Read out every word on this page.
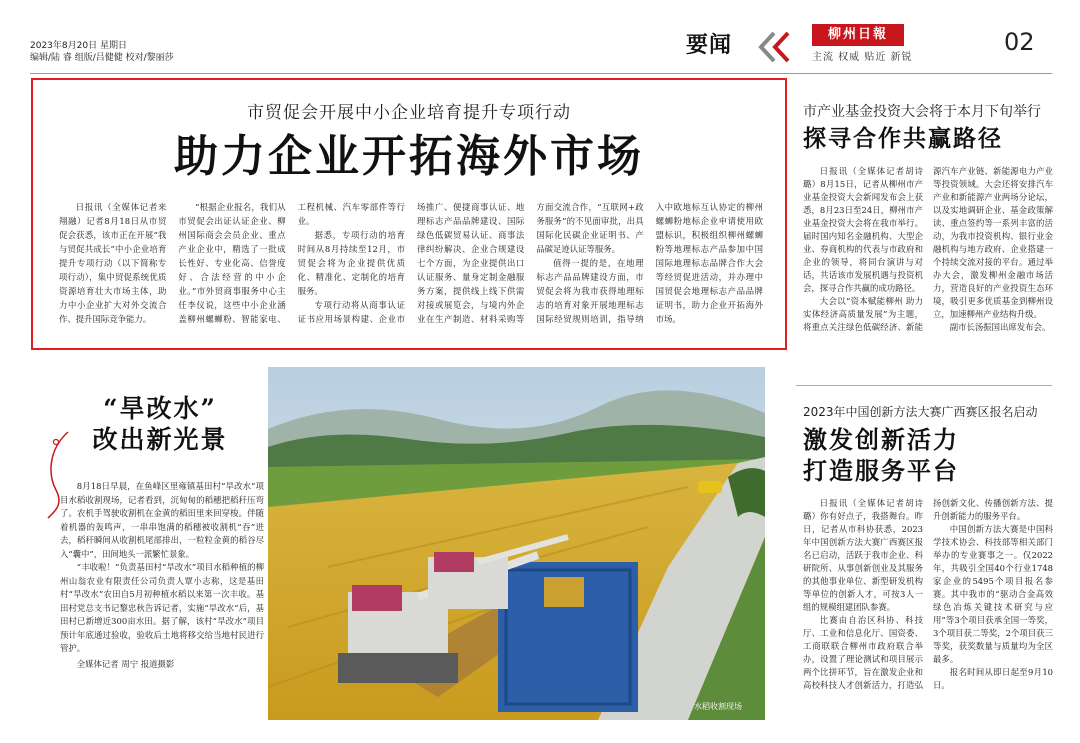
2023年8月20日 星期日
编辑/陆 睿 组版/吕健健 校对/黎丽莎	要闻	柳州日報
主流 权威 贴近 新锐
02
市贸促会开展中小企业培育提升专项行动
助力企业开拓海外市场

日报讯（全媒体记者来翔融）记者8月18日从市贸促会获悉，该市正在开展“我与贸促共成长”中小企业培育提升专项行动（以下简称专项行动），集中贸促系统优质资源培育壮大市场主体，助力中小企业扩大对外交流合作、提升国际竞争能力。

“根据企业报名，我们从市贸促会出证认证企业、柳州国际商会会员企业、重点产业企业中，精选了一批成长性好、专业化高、信誉度好、合法经营的中小企业。”市外贸商事服务中心主任李仪说，这些中小企业涵盖柳州螺蛳粉、智能家电、工程机械、汽车零部件等行业。

据悉，专项行动的培育时间从8月持续至12月，市贸促会将为企业提供优质化、精准化、定制化的培育服务。

专项行动将从商事认证证书应用场景构建、企业市场推广、便捷商事认证、地理标志产品品牌建设、国际绿色低碳贸易认证、商事法律纠纷解决、企业合规建设七个方面，为企业提供出口认证服务、量身定制金融服务方案，提供线上线下供需对接或展览会，与境内外企业在生产制造、材料采购等方面交流合作，“互联网+政务服务”的不见面审批，出具国际化民碳企业证明书、产品碳足迹认证等服务。

值得一提的是，在地理标志产品品牌建设方面，市贸促会将为我市获得地理标志的培育对象开展地理标志国际经贸规则培训，指导纳入中欧地标互认协定的柳州螺蛳粉地标企业申请使用欧盟标识，积极组织柳州螺蛳粉等地理标志产品参加中国国际地理标志品牌合作大会等经贸促进活动，并办理中国贸促会地理标志产品品牌证明书，助力企业开拓海外市场。

市产业基金投资大会将于本月下旬举行
探寻合作共赢路径

日报讯（全媒体记者胡诗璐）8月15日，记者从柳州市产业基金投资大会新闻发布会上获悉，8月23日至24日，柳州市产业基金投资大会将在我市举行。届时国内知名金融机构、大型企业、券商机构的代表与市政府和企业的领导，将同台演讲与对话，共话该市发展机遇与投资机会，探寻合作共赢的成功路径。

大会以“资本赋能柳州 助力实体经济高质量发展”为主题，将重点关注绿色低碳经济、新能源汽车产业链、新能源电力产业等投资领域。大会还将安排汽车产业和新能源产业两场分论坛，以及实地调研企业、基金政策解读、重点签约等一系列丰富的活动，为我市投资机构、银行业金融机构与地方政府、企业搭建一个持续交流对接的平台。通过举办大会，激发柳州金融市场活力，营造良好的产业投资生态环境，吸引更多优质基金到柳州设立，加速柳州产业结构升级。

副市长汤振国出席发布会。

2023年中国创新方法大赛广西赛区报名启动
激发创新活力
打造服务平台

日报讯（全媒体记者胡诗璐）你有好点子，我搭舞台。昨日，记者从市科协获悉，2023年中国创新方法大赛广西赛区报名已启动，活跃于我市企业、科研院所、从事创新创业及其服务的其他事业单位、新型研发机构等单位的创新人才，可按3人一组的规模组建团队参赛。

比赛由自治区科协、科技厅、工业和信息化厅、国资委、工商联联合柳州市政府联合举办，设置了理论测试和项目展示两个比拼环节，旨在激发企业和高校科技人才创新活力，打造弘扬创新文化、传播创新方法、提升创新能力的服务平台。

中国创新方法大赛是中国科学技术协会、科技部等相关部门举办的专业赛事之一。仅2022年，共吸引全国40个行业1748家企业的5495个项目报名参赛。其中我市的“驱动合金高效绿色冶炼关键技术研究与应用”等3个项目获承全国一等奖，3个项目获二等奖，2个项目获三等奖，获奖数量与质量均为全区最多。

报名时间从即日起至9月10日。

“旱改水”
改出新光景

8月18日早晨，在鱼峰区里雍镇基田村“旱改水”项目水稻收割现场，记者看到，沉甸甸的稻穗把稻秆压弯了。农机手驾驶收割机在金黄的稻田里来回穿梭。伴随着机器的轰鸣声，一串串饱满的稻穗被收割机“吞”进去，稻秆瞬间从收割机尾部排出，一粒粒金黄的稻谷尽入“囊中”，田间地头一派繁忙景象。

“丰收啦！”负责基田村“旱改水”项目水稻种植的柳州山翁农业有限责任公司负责人覃小志称，这是基田村“旱改水”农田自5月初种植水稻以来第一次丰收。基田村党总支书记黎忠秋告诉记者，实施“旱改水”后，基田村已新增近300亩水田。据了解，该村“旱改水”项目预计年底通过验收，验收后土地将移交给当地村民进行管护。

全媒体记者 周宁 报道摄影
水稻收割现场
